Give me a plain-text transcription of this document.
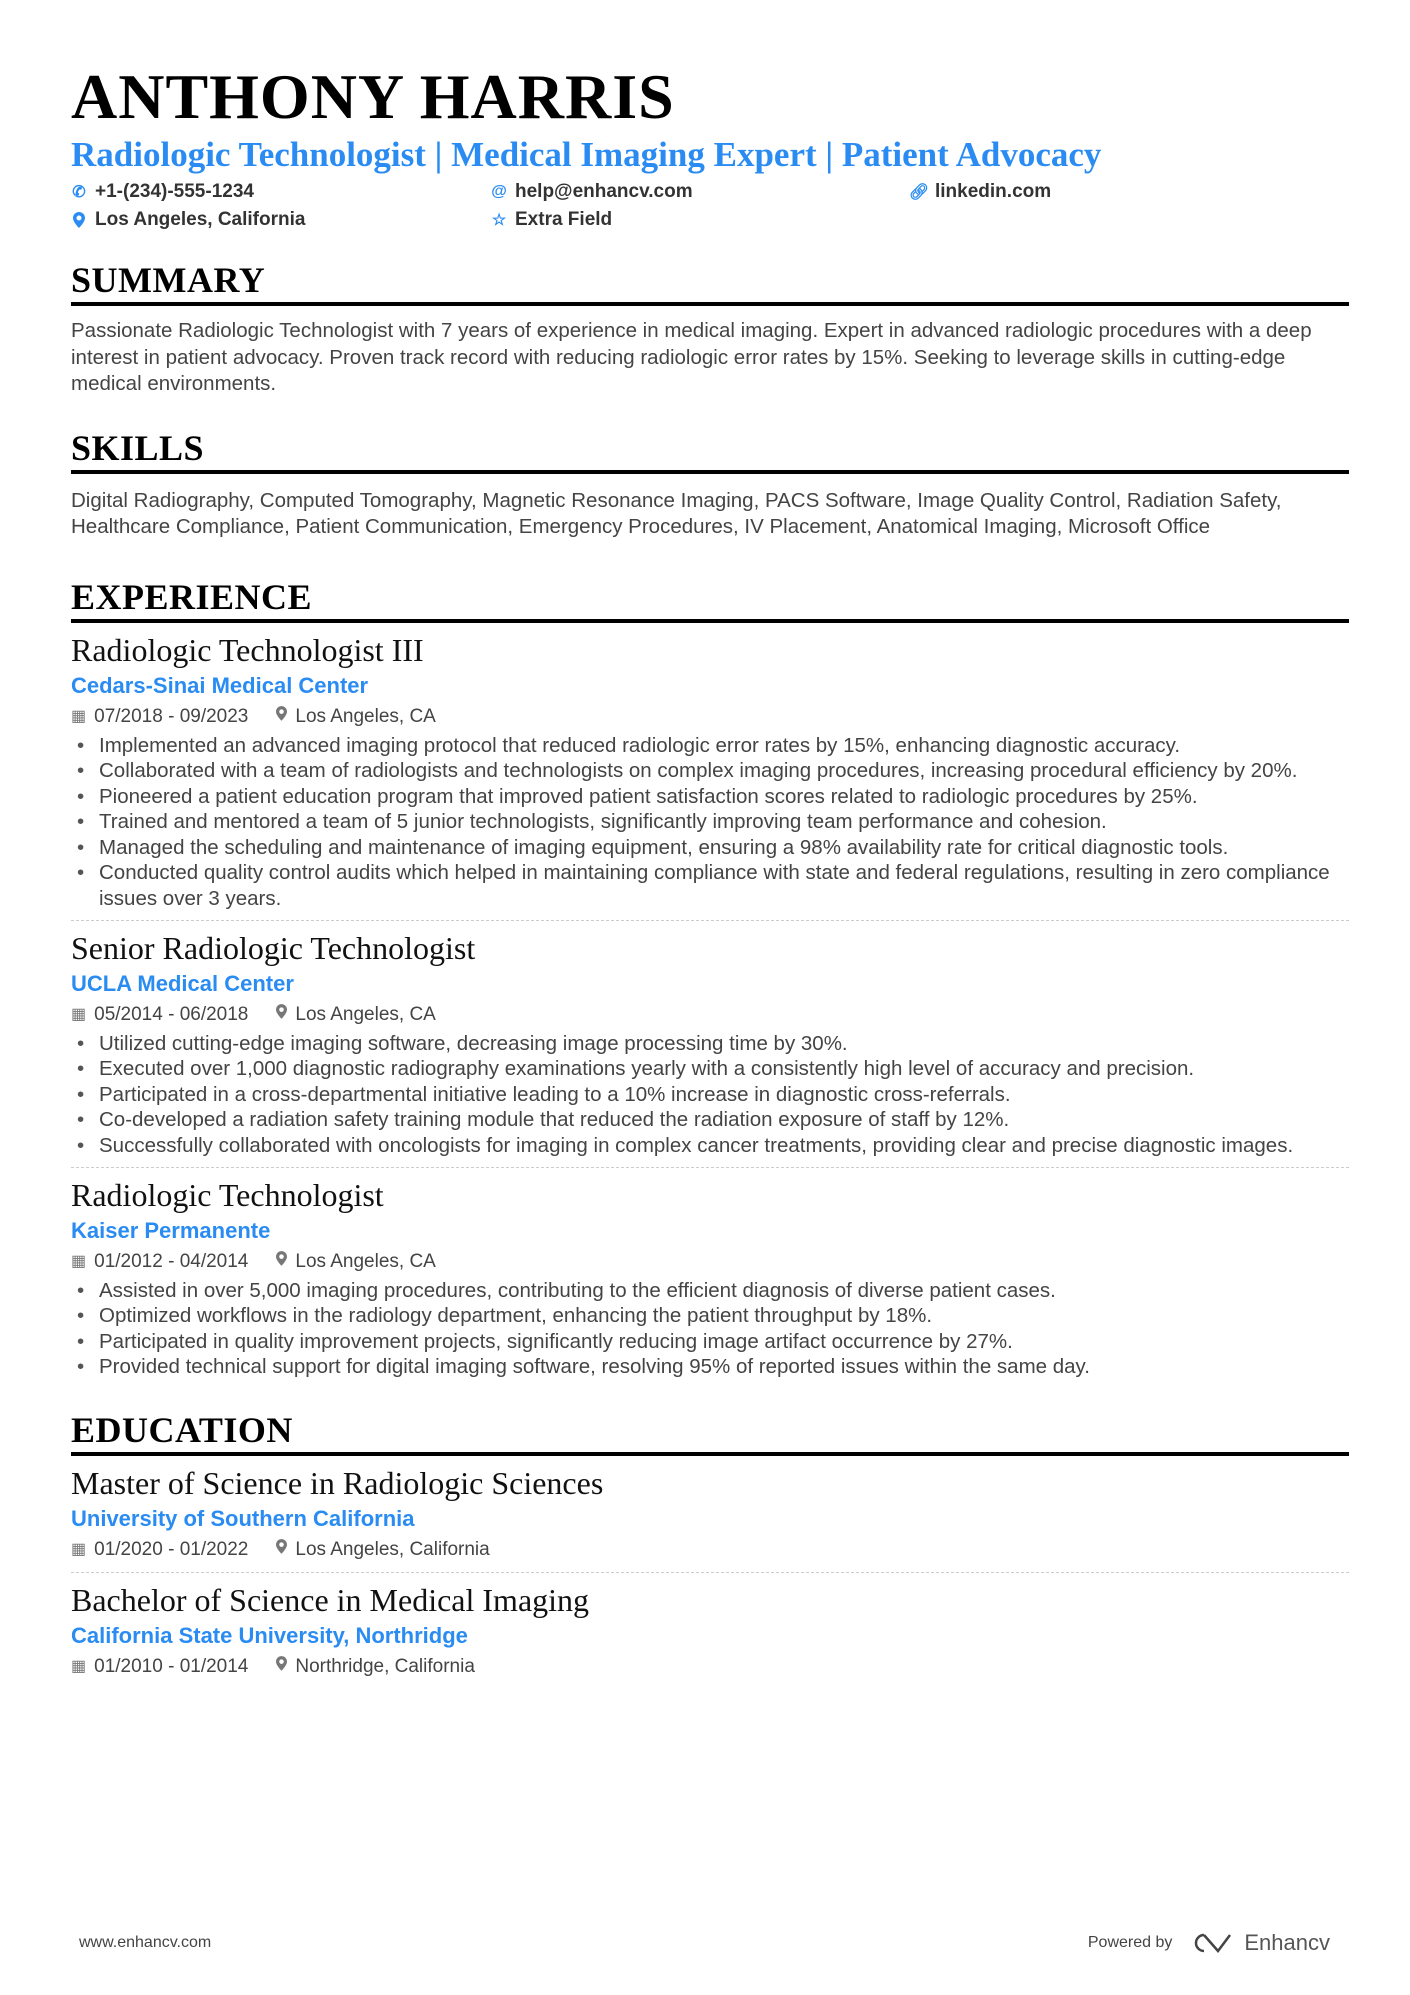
ANTHONY HARRIS
Radiologic Technologist | Medical Imaging Expert | Patient Advocacy
✆ +1-(234)-555-1234	@ help@enhancv.com	🔗︎ linkedin.com
Los Angeles, California	☆ Extra Field
SUMMARY
Passionate Radiologic Technologist with 7 years of experience in medical imaging. Expert in advanced radiologic procedures with a deep interest in patient advocacy. Proven track record with reducing radiologic error rates by 15%. Seeking to leverage skills in cutting-edge medical environments.
SKILLS
Digital Radiography, Computed Tomography, Magnetic Resonance Imaging, PACS Software, Image Quality Control, Radiation Safety, Healthcare Compliance, Patient Communication, Emergency Procedures, IV Placement, Anatomical Imaging, Microsoft Office
EXPERIENCE
Radiologic Technologist III
Cedars-Sinai Medical Center
▦ 07/2018 - 09/2023 Los Angeles, CA
• Implemented an advanced imaging protocol that reduced radiologic error rates by 15%, enhancing diagnostic accuracy.
• Collaborated with a team of radiologists and technologists on complex imaging procedures, increasing procedural efficiency by 20%.
• Pioneered a patient education program that improved patient satisfaction scores related to radiologic procedures by 25%.
• Trained and mentored a team of 5 junior technologists, significantly improving team performance and cohesion.
• Managed the scheduling and maintenance of imaging equipment, ensuring a 98% availability rate for critical diagnostic tools.
• Conducted quality control audits which helped in maintaining compliance with state and federal regulations, resulting in zero compliance issues over 3 years.
Senior Radiologic Technologist
UCLA Medical Center
▦ 05/2014 - 06/2018 Los Angeles, CA
• Utilized cutting-edge imaging software, decreasing image processing time by 30%.
• Executed over 1,000 diagnostic radiography examinations yearly with a consistently high level of accuracy and precision.
• Participated in a cross-departmental initiative leading to a 10% increase in diagnostic cross-referrals.
• Co-developed a radiation safety training module that reduced the radiation exposure of staff by 12%.
• Successfully collaborated with oncologists for imaging in complex cancer treatments, providing clear and precise diagnostic images.
Radiologic Technologist
Kaiser Permanente
▦ 01/2012 - 04/2014 Los Angeles, CA
• Assisted in over 5,000 imaging procedures, contributing to the efficient diagnosis of diverse patient cases.
• Optimized workflows in the radiology department, enhancing the patient throughput by 18%.
• Participated in quality improvement projects, significantly reducing image artifact occurrence by 27%.
• Provided technical support for digital imaging software, resolving 95% of reported issues within the same day.
EDUCATION
Master of Science in Radiologic Sciences
University of Southern California
▦ 01/2020 - 01/2022 Los Angeles, California
Bachelor of Science in Medical Imaging
California State University, Northridge
▦ 01/2010 - 01/2014 Northridge, California
www.enhancv.com	Powered by	Enhancv
